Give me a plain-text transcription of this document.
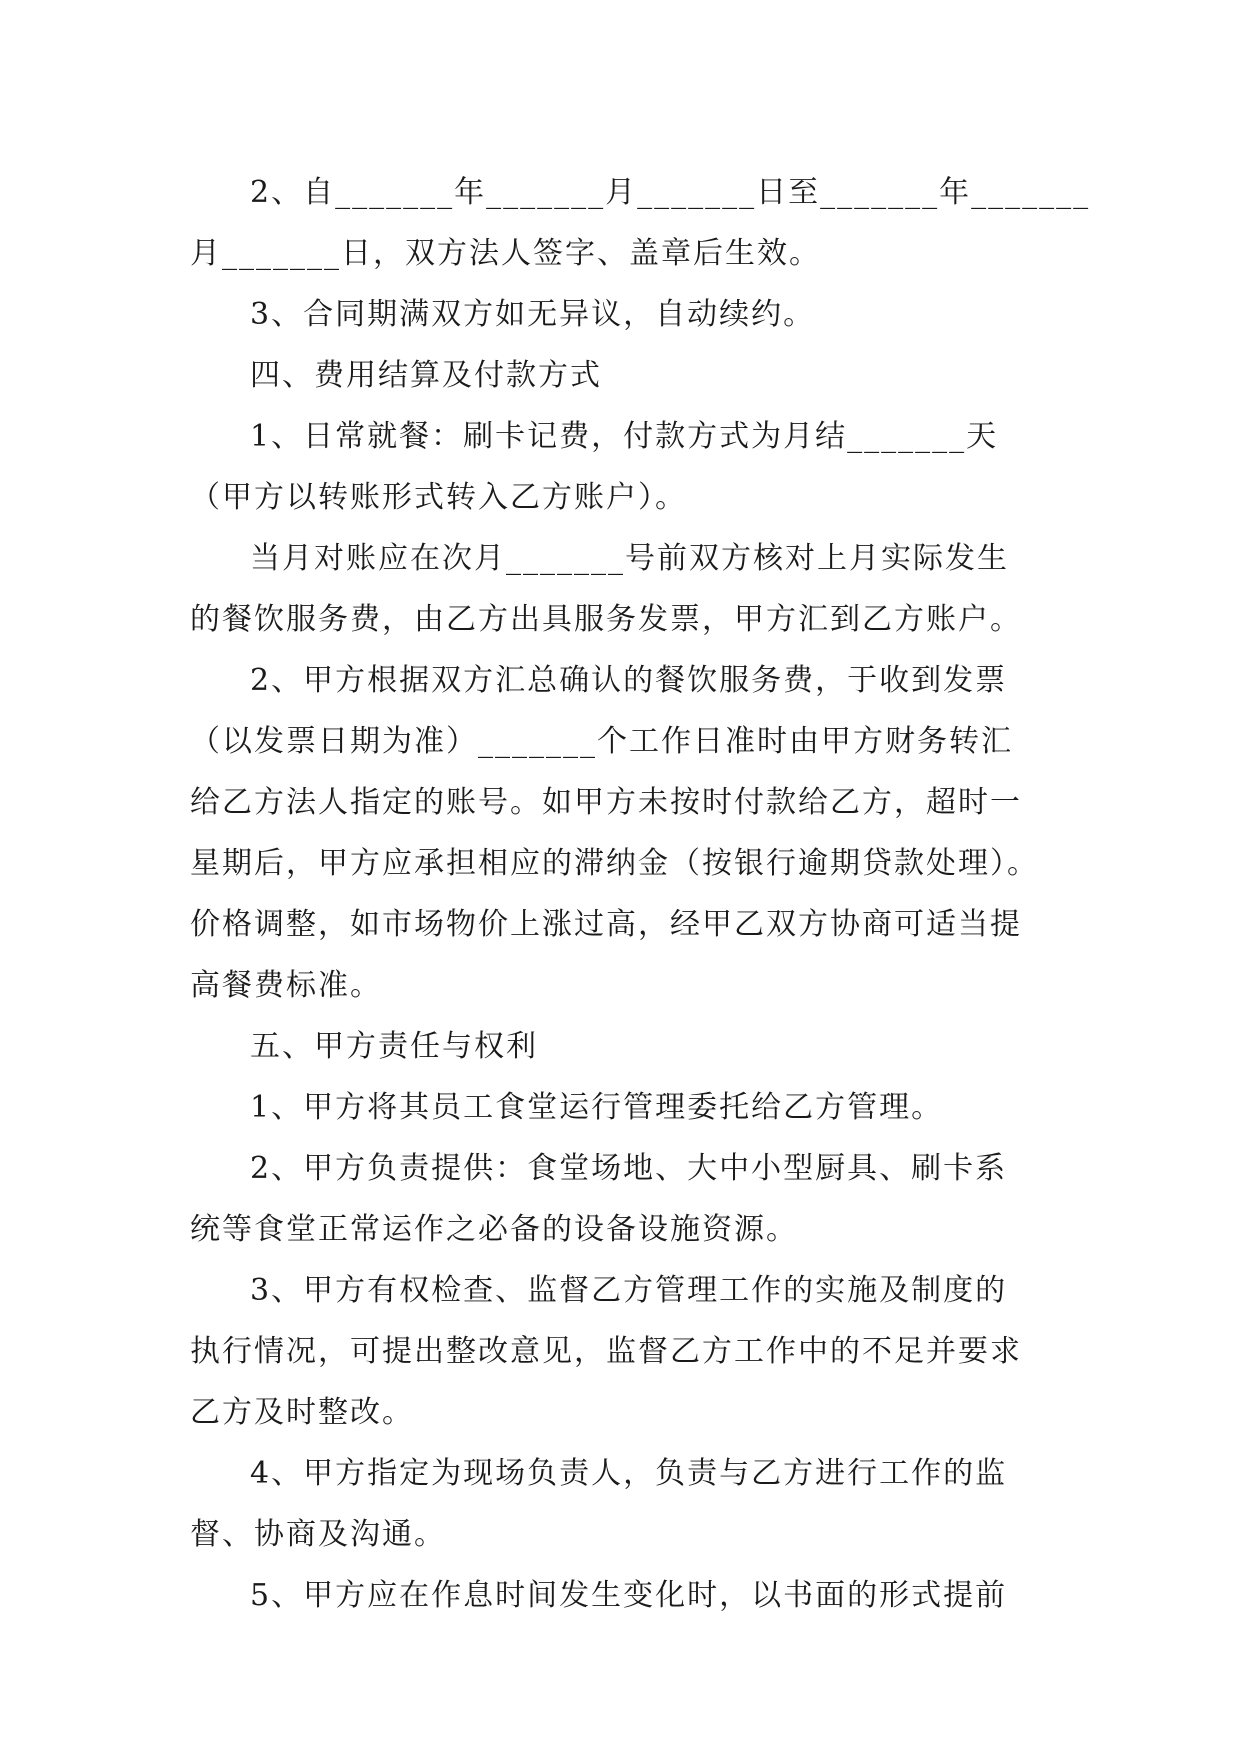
2、自_______年_______月_______日至_______年_______
月_______日，双方法人签字、盖章后生效。
3、合同期满双方如无异议，自动续约。
四、费用结算及付款方式
1、日常就餐：刷卡记费，付款方式为月结_______天
（甲方以转账形式转入乙方账户）。
当月对账应在次月_______号前双方核对上月实际发生
的餐饮服务费，由乙方出具服务发票，甲方汇到乙方账户。
2、甲方根据双方汇总确认的餐饮服务费，于收到发票
（以发票日期为准）_______个工作日准时由甲方财务转汇
给乙方法人指定的账号。如甲方未按时付款给乙方，超时一
星期后，甲方应承担相应的滞纳金（按银行逾期贷款处理）。
价格调整，如市场物价上涨过高，经甲乙双方协商可适当提
高餐费标准。
五、甲方责任与权利
1、甲方将其员工食堂运行管理委托给乙方管理。
2、甲方负责提供：食堂场地、大中小型厨具、刷卡系
统等食堂正常运作之必备的设备设施资源。
3、甲方有权检查、监督乙方管理工作的实施及制度的
执行情况，可提出整改意见，监督乙方工作中的不足并要求
乙方及时整改。
4、甲方指定为现场负责人，负责与乙方进行工作的监
督、协商及沟通。
5、甲方应在作息时间发生变化时，以书面的形式提前
